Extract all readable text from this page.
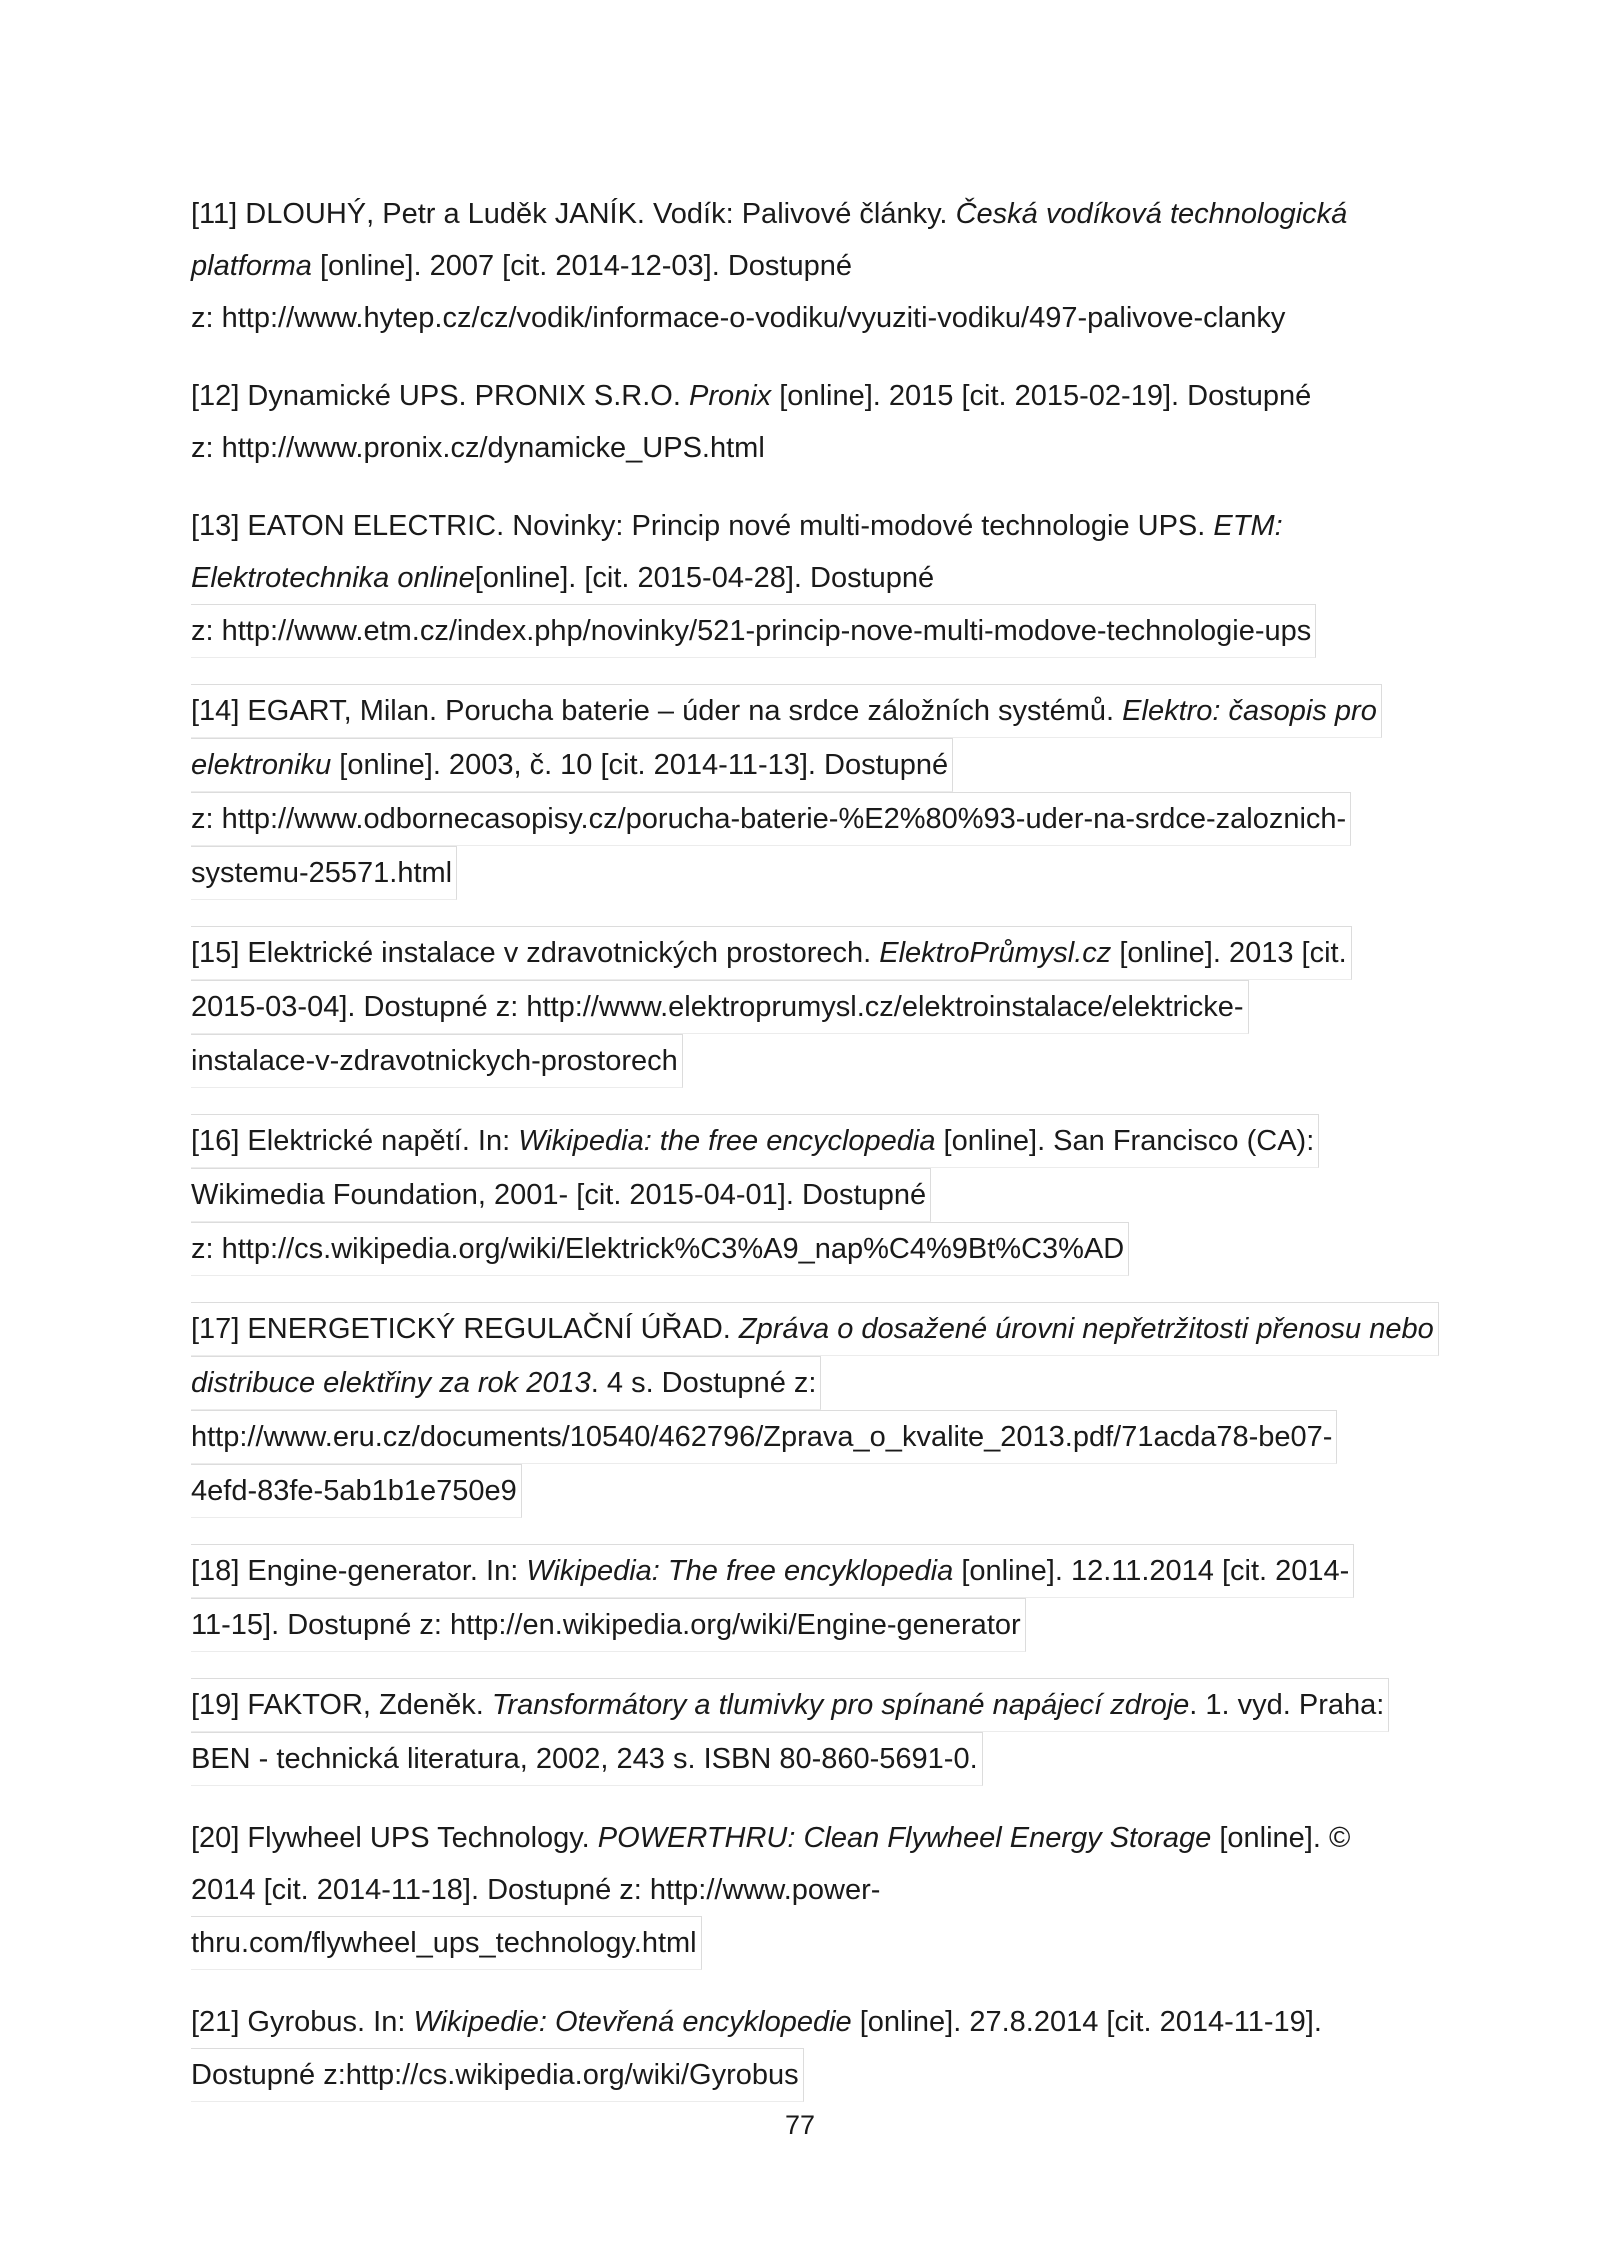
[11] DLOUHÝ, Petr a Luděk JANÍK. Vodík: Palivové články. Česká vodíková technologická
platforma [online]. 2007 [cit. 2014-12-03]. Dostupné
z: http://www.hytep.cz/cz/vodik/informace-o-vodiku/vyuziti-vodiku/497-palivove-clanky
[12] Dynamické UPS. PRONIX S.R.O. Pronix [online]. 2015 [cit. 2015-02-19]. Dostupné
z: http://www.pronix.cz/dynamicke_UPS.html
[13] EATON ELECTRIC. Novinky: Princip nové multi-modové technologie UPS. ETM:
Elektrotechnika online[online]. [cit. 2015-04-28]. Dostupné
z: http://www.etm.cz/index.php/novinky/521-princip-nove-multi-modove-technologie-ups

[14] EGART, Milan. Porucha baterie – úder na srdce záložních systémů. Elektro: časopis pro
elektroniku [online]. 2003, č. 10 [cit. 2014-11-13]. Dostupné
z: http://www.odbornecasopisy.cz/porucha-baterie-%E2%80%93-uder-na-srdce-zaloznich-
systemu-25571.html

[15] Elektrické instalace v zdravotnických prostorech. ElektroPrůmysl.cz [online]. 2013 [cit.
2015-03-04]. Dostupné z: http://www.elektroprumysl.cz/elektroinstalace/elektricke-
instalace-v-zdravotnickych-prostorech

[16] Elektrické napětí. In: Wikipedia: the free encyclopedia [online]. San Francisco (CA):
Wikimedia Foundation, 2001- [cit. 2015-04-01]. Dostupné
z: http://cs.wikipedia.org/wiki/Elektrick%C3%A9_nap%C4%9Bt%C3%AD

[17] ENERGETICKÝ REGULAČNÍ ÚŘAD. Zpráva o dosažené úrovni nepřetržitosti přenosu nebo
distribuce elektřiny za rok 2013. 4 s. Dostupné z:
http://www.eru.cz/documents/10540/462796/Zprava_o_kvalite_2013.pdf/71acda78-be07-
4efd-83fe-5ab1b1e750e9

[18] Engine-generator. In: Wikipedia: The free encyklopedia [online]. 12.11.2014 [cit. 2014-
11-15]. Dostupné z: http://en.wikipedia.org/wiki/Engine-generator

[19] FAKTOR, Zdeněk. Transformátory a tlumivky pro spínané napájecí zdroje. 1. vyd. Praha:
BEN - technická literatura, 2002, 243 s. ISBN 80-860-5691-0.

[20] Flywheel UPS Technology. POWERTHRU: Clean Flywheel Energy Storage [online]. ©
2014 [cit. 2014-11-18]. Dostupné z: http://www.power-
thru.com/flywheel_ups_technology.html

[21] Gyrobus. In: Wikipedie: Otevřená encyklopedie [online]. 27.8.2014 [cit. 2014-11-19].
Dostupné z:http://cs.wikipedia.org/wiki/Gyrobus

77
